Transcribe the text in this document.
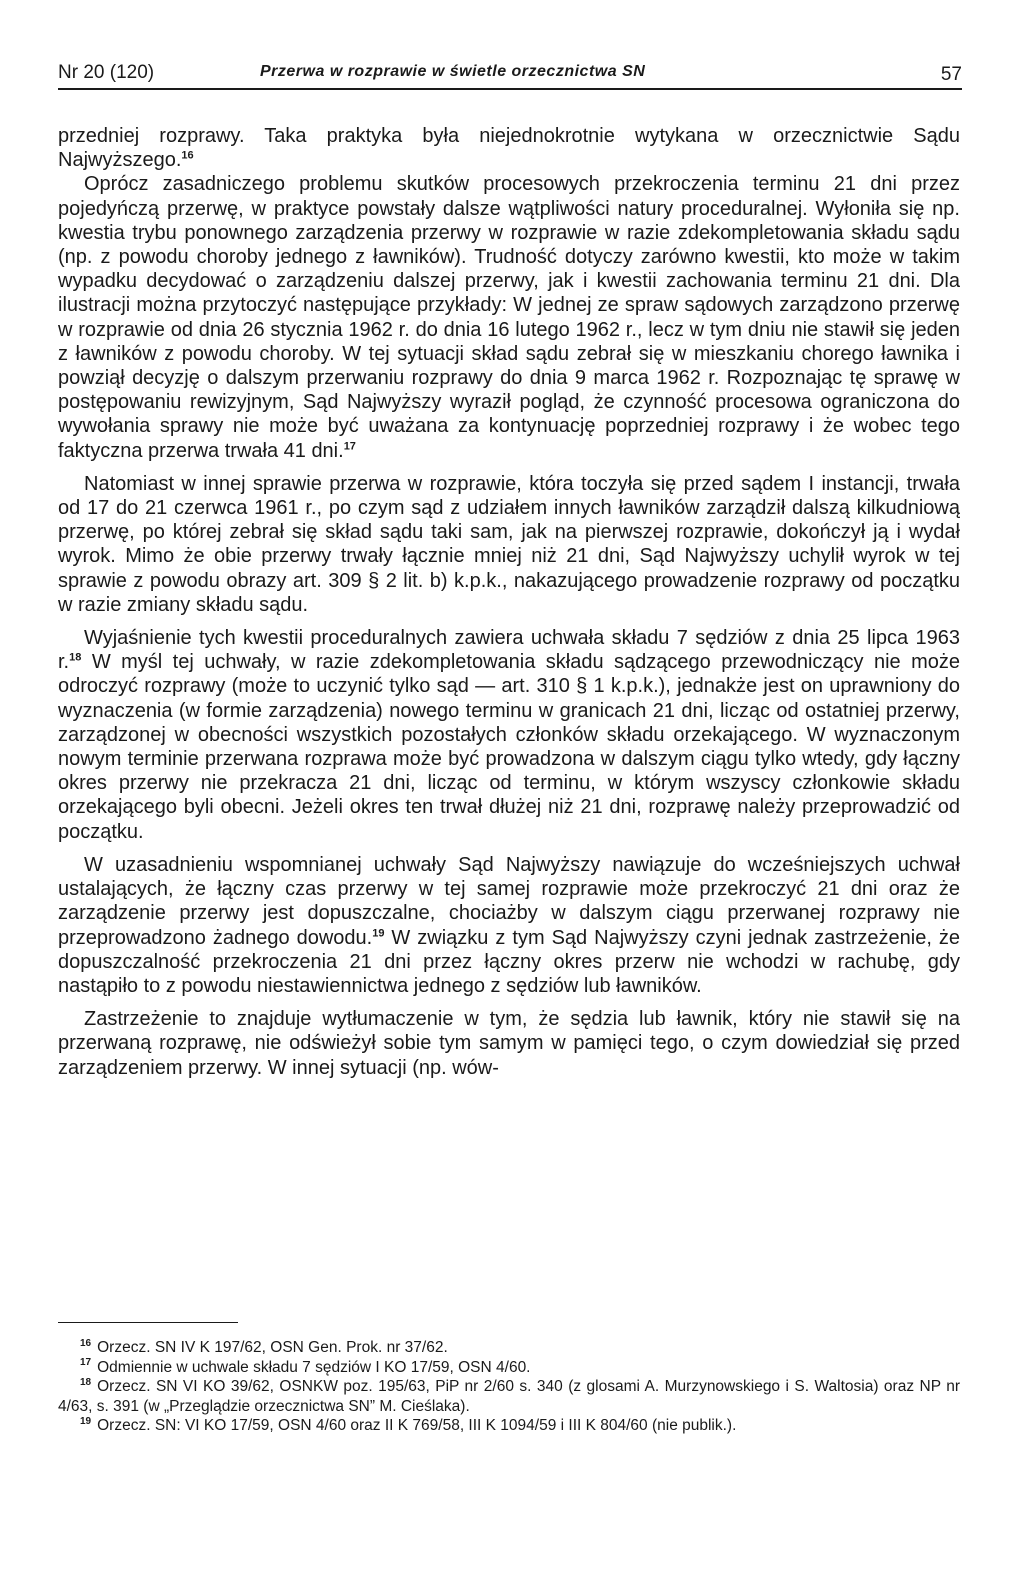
Nr 20 (120)	Przerwa w rozprawie w świetle orzecznictwa SN	57

przedniej rozprawy. Taka praktyka była niejednokrotnie wytykana w orzecznictwie Sądu Najwyższego.$^{16}$

Oprócz zasadniczego problemu skutków procesowych przekroczenia terminu 21 dni przez pojedyńczą przerwę, w praktyce powstały dalsze wątpliwości natury proceduralnej. Wyłoniła się np. kwestia trybu ponownego zarządzenia przerwy w rozprawie w razie zdekompletowania składu sądu (np. z powodu choroby jednego z ławników). Trudność dotyczy zarówno kwestii, kto może w takim wypadku decydować o zarządzeniu dalszej przerwy, jak i kwestii zachowania terminu 21 dni. Dla ilustracji można przytoczyć następujące przykłady: W jednej ze spraw sądowych zarządzono przerwę w rozprawie od dnia 26 stycznia 1962 r. do dnia 16 lutego 1962 r., lecz w tym dniu nie stawił się jeden z ławników z powodu choroby. W tej sytuacji skład sądu zebrał się w mieszkaniu chorego ławnika i powziął decyzję o dalszym przerwaniu rozprawy do dnia 9 marca 1962 r. Rozpoznając tę sprawę w postępowaniu rewizyjnym, Sąd Najwyższy wyraził pogląd, że czynność procesowa ograniczona do wywołania sprawy nie może być uważana za kontynuację poprzedniej rozprawy i że wobec tego faktyczna przerwa trwała 41 dni.$^{17}$

Natomiast w innej sprawie przerwa w rozprawie, która toczyła się przed sądem I instancji, trwała od 17 do 21 czerwca 1961 r., po czym sąd z udziałem innych ławników zarządził dalszą kilkudniową przerwę, po której zebrał się skład sądu taki sam, jak na pierwszej rozprawie, dokończył ją i wydał wyrok. Mimo że obie przerwy trwały łącznie mniej niż 21 dni, Sąd Najwyższy uchylił wyrok w tej sprawie z powodu obrazy art. 309 § 2 lit. b) k.p.k., nakazującego prowadzenie rozprawy od początku w razie zmiany składu sądu.

Wyjaśnienie tych kwestii proceduralnych zawiera uchwała składu 7 sędziów z dnia 25 lipca 1963 r.$^{18}$ W myśl tej uchwały, w razie zdekompletowania składu sądzącego przewodniczący nie może odroczyć rozprawy (może to uczynić tylko sąd — art. 310 § 1 k.p.k.), jednakże jest on uprawniony do wyznaczenia (w formie zarządzenia) nowego terminu w granicach 21 dni, licząc od ostatniej przerwy, zarządzonej w obecności wszystkich pozostałych członków składu orzekającego. W wyznaczonym nowym terminie przerwana rozprawa może być prowadzona w dalszym ciągu tylko wtedy, gdy łączny okres przerwy nie przekracza 21 dni, licząc od terminu, w którym wszyscy członkowie składu orzekającego byli obecni. Jeżeli okres ten trwał dłużej niż 21 dni, rozprawę należy przeprowadzić od początku.

W uzasadnieniu wspomnianej uchwały Sąd Najwyższy nawiązuje do wcześniejszych uchwał ustalających, że łączny czas przerwy w tej samej rozprawie może przekroczyć 21 dni oraz że zarządzenie przerwy jest dopuszczalne, chociażby w dalszym ciągu przerwanej rozprawy nie przeprowadzono żadnego dowodu.$^{19}$ W związku z tym Sąd Najwyższy czyni jednak zastrzeżenie, że dopuszczalność przekroczenia 21 dni przez łączny okres przerw nie wchodzi w rachubę, gdy nastąpiło to z powodu niestawiennictwa jednego z sędziów lub ławników.

Zastrzeżenie to znajduje wytłumaczenie w tym, że sędzia lub ławnik, który nie stawił się na przerwaną rozprawę, nie odświeżył sobie tym samym w pamięci tego, o czym dowiedział się przed zarządzeniem przerwy. W innej sytuacji (np. wów-

$^{16}$ Orzecz. SN IV K 197/62, OSN Gen. Prok. nr 37/62.

$^{17}$ Odmiennie w uchwale składu 7 sędziów I KO 17/59, OSN 4/60.

$^{18}$ Orzecz. SN VI KO 39/62, OSNKW poz. 195/63, PiP nr 2/60 s. 340 (z glosami A. Murzynowskiego i S. Waltosia) oraz NP nr 4/63, s. 391 (w „Przeglądzie orzecznictwa SN” M. Cieślaka).

$^{19}$ Orzecz. SN: VI KO 17/59, OSN 4/60 oraz II K 769/58, III K 1094/59 i III K 804/60 (nie publik.).
